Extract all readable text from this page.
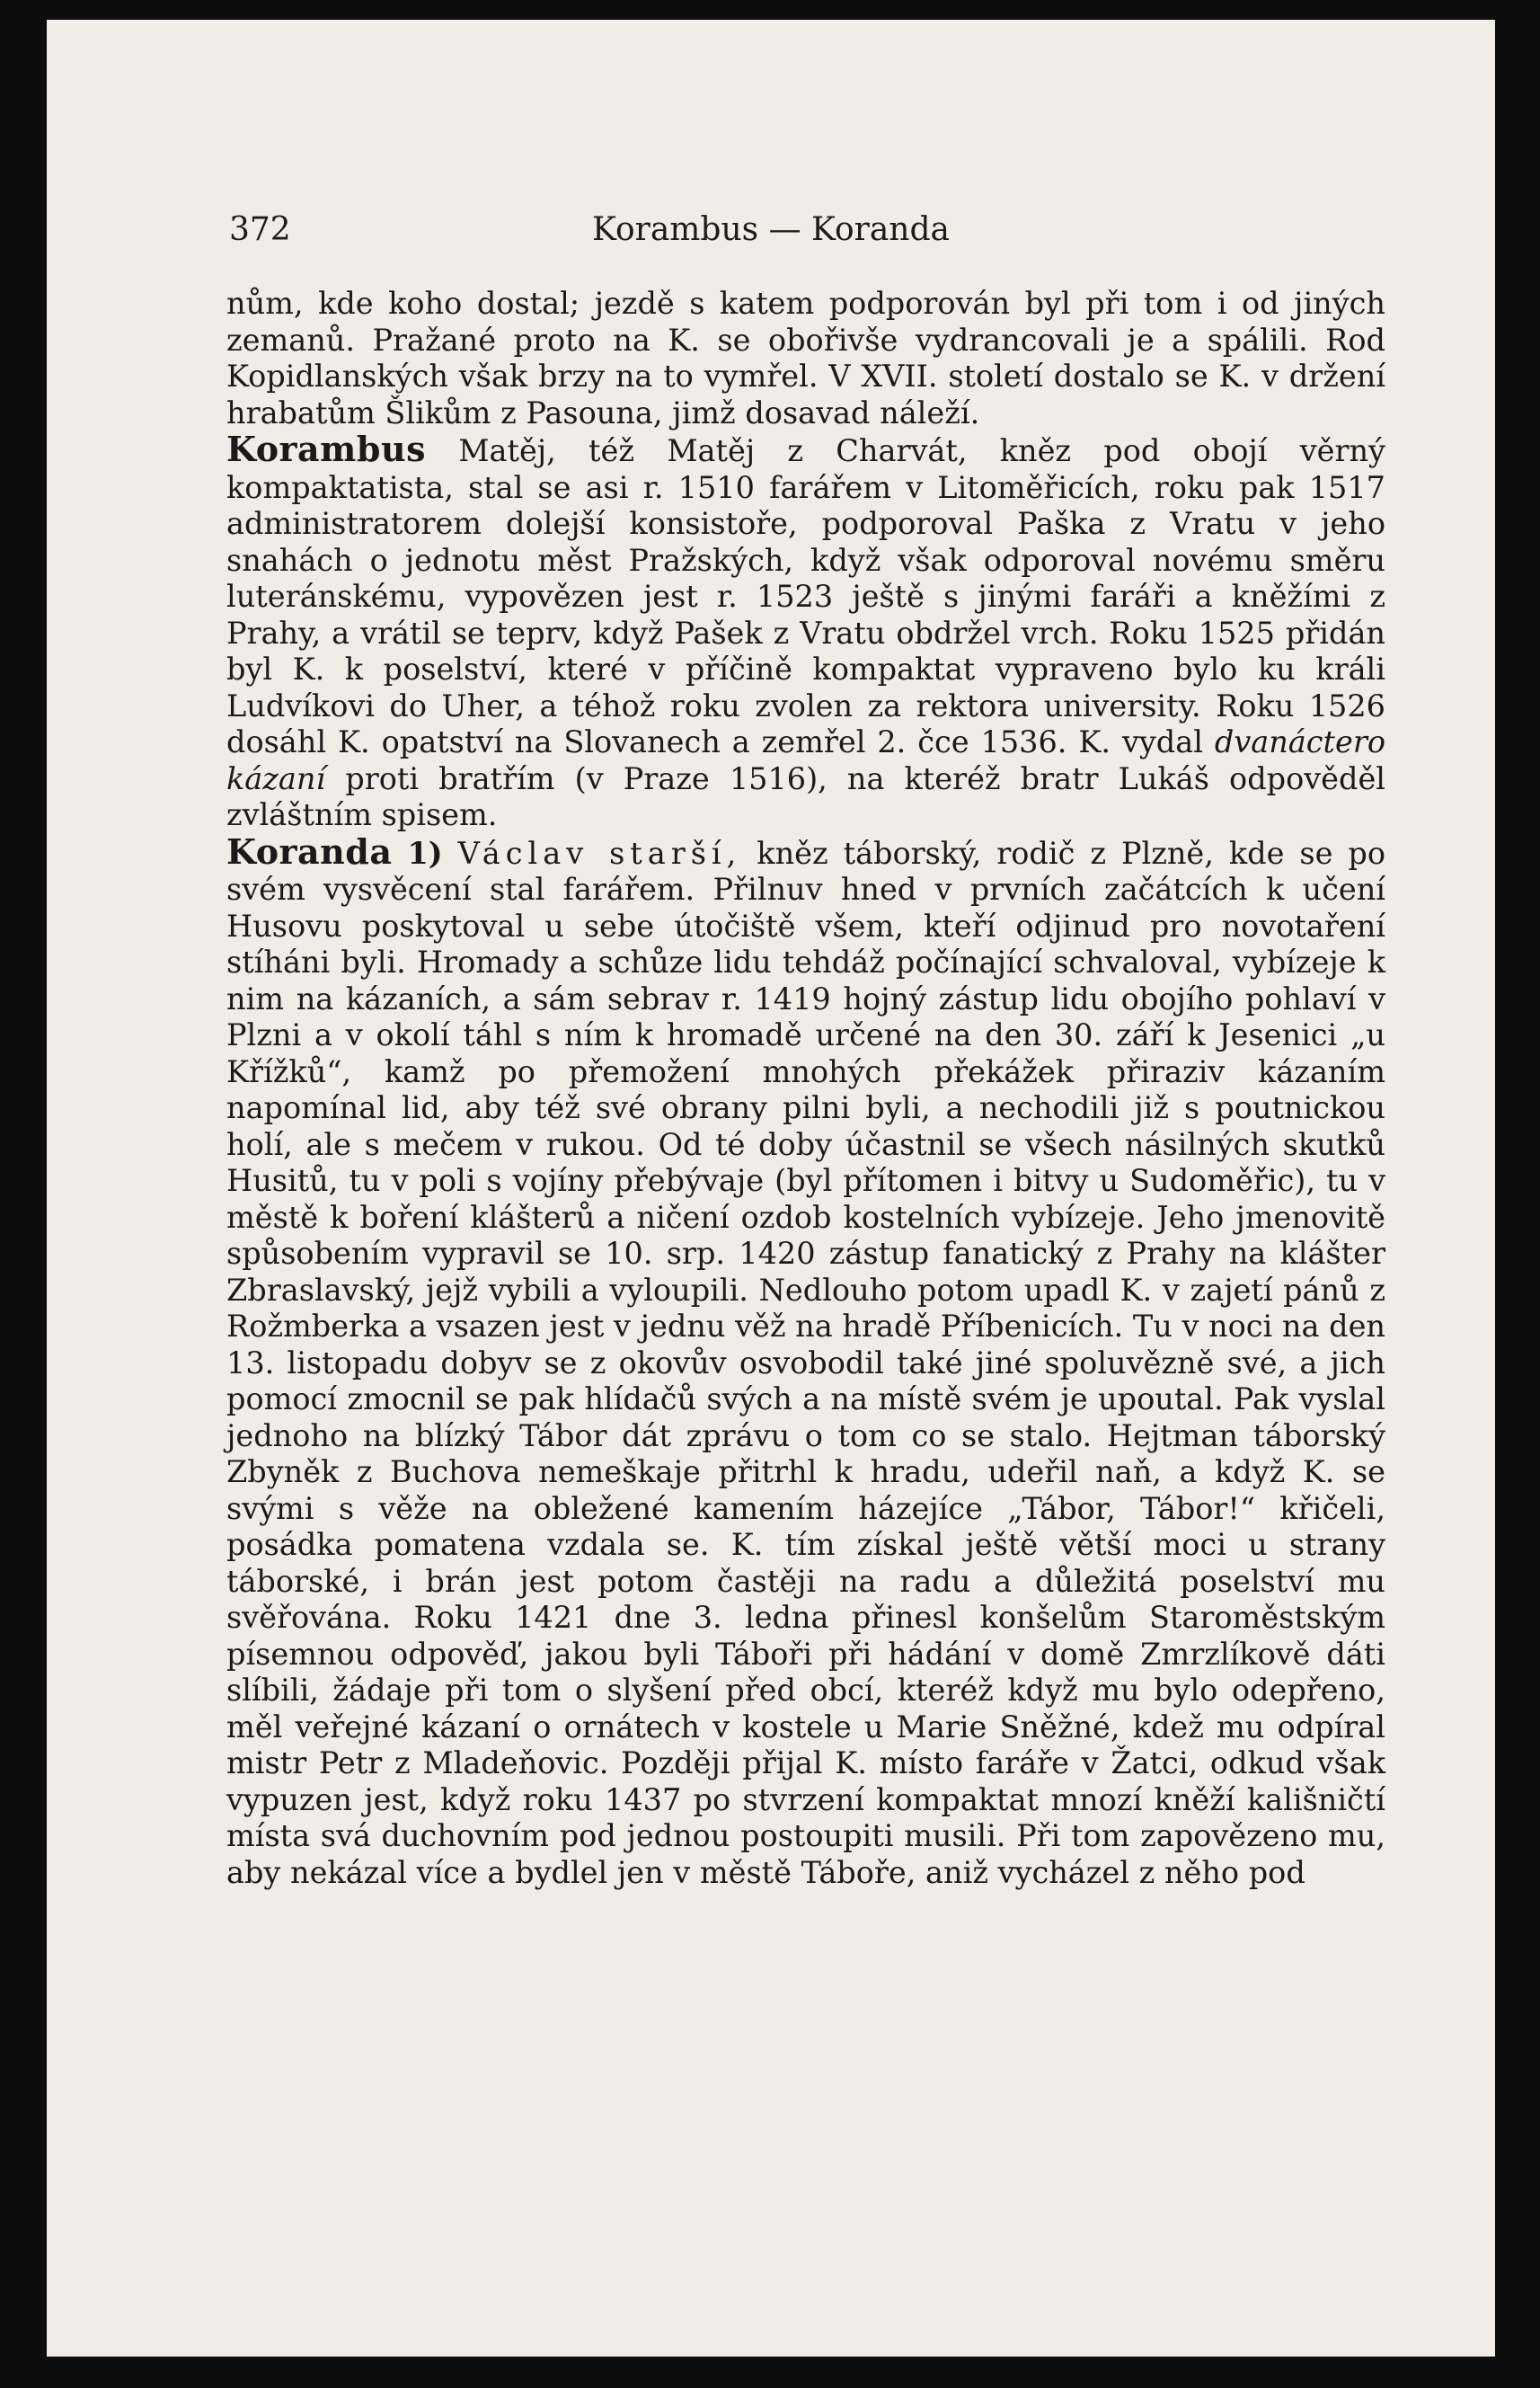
372	Korambus — Koranda

nům, kde koho dostal; jezdě s katem podporován byl při tom i od jiných zemanů. Pražané proto na K. se obořivše vydrancovali je a spálili. Rod Kopidlanských však brzy na to vymřel. V XVII. století dostalo se K. v držení hrabatům Šlikům z Pasouna, jimž dosavad náleží.

Korambus Matěj, též Matěj z Charvát, kněz pod obojí věrný kompaktatista, stal se asi r. 1510 farářem v Litoměřicích, roku pak 1517 administratorem dolejší konsistoře, podporoval Paška z Vratu v jeho snahách o jednotu měst Pražských, když však odporoval novému směru luteránskému, vypovězen jest r. 1523 ještě s jinými faráři a kněžími z Prahy, a vrátil se teprv, když Pašek z Vratu obdržel vrch. Roku 1525 přidán byl K. k poselství, které v příčině kompaktat vypraveno bylo ku králi Ludvíkovi do Uher, a téhož roku zvolen za rektora university. Roku 1526 dosáhl K. opatství na Slovanech a zemřel 2. čce 1536. K. vydal dvanáctero kázaní proti bratřím (v Praze 1516), na kteréž bratr Lukáš odpověděl zvláštním spisem.

Koranda 1) Václav starší, kněz táborský, rodič z Plzně, kde se po svém vysvěcení stal farářem. Přilnuv hned v prvních začátcích k učení Husovu poskytoval u sebe útočiště všem, kteří odjinud pro novotaření stíháni byli. Hromady a schůze lidu tehdáž počínající schvaloval, vybízeje k nim na kázaních, a sám sebrav r. 1419 hojný zástup lidu obojího pohlaví v Plzni a v okolí táhl s ním k hromadě určené na den 30. září k Jesenici „u Křížků“, kamž po přemožení mnohých překážek přiraziv kázaním napomínal lid, aby též své obrany pilni byli, a nechodili již s poutnickou holí, ale s mečem v rukou. Od té doby účastnil se všech násilných skutků Husitů, tu v poli s vojíny přebývaje (byl přítomen i bitvy u Sudoměřic), tu v městě k boření klášterů a ničení ozdob kostelních vybízeje. Jeho jmenovitě spůsobením vypravil se 10. srp. 1420 zástup fanatický z Prahy na klášter Zbraslavský, jejž vybili a vyloupili. Nedlouho potom upadl K. v zajetí pánů z Rožmberka a vsazen jest v jednu věž na hradě Příbenicích. Tu v noci na den 13. listopadu dobyv se z okovův osvobodil také jiné spoluvězně své, a jich pomocí zmocnil se pak hlídačů svých a na místě svém je upoutal. Pak vyslal jednoho na blízký Tábor dát zprávu o tom co se stalo. Hejtman táborský Zbyněk z Buchova nemeškaje přitrhl k hradu, udeřil naň, a když K. se svými s věže na obležené kamením házejíce „Tábor, Tábor!“ křičeli, posádka pomatena vzdala se. K. tím získal ještě větší moci u strany táborské, i brán jest potom častěji na radu a důležitá poselství mu svěřována. Roku 1421 dne 3. ledna přinesl konšelům Staroměstským písemnou odpověď, jakou byli Táboři při hádání v domě Zmrzlíkově dáti slíbili, žádaje při tom o slyšení před obcí, kteréž když mu bylo odepřeno, měl veřejné kázaní o ornátech v kostele u Marie Sněžné, kdež mu odpíral mistr Petr z Mladeňovic. Později přijal K. místo faráře v Žatci, odkud však vypuzen jest, když roku 1437 po stvrzení kompaktat mnozí kněží kališničtí místa svá duchovním pod jednou postoupiti musili. Při tom zapovězeno mu, aby nekázal více a bydlel jen v městě Táboře, aniž vycházel z něho pod
